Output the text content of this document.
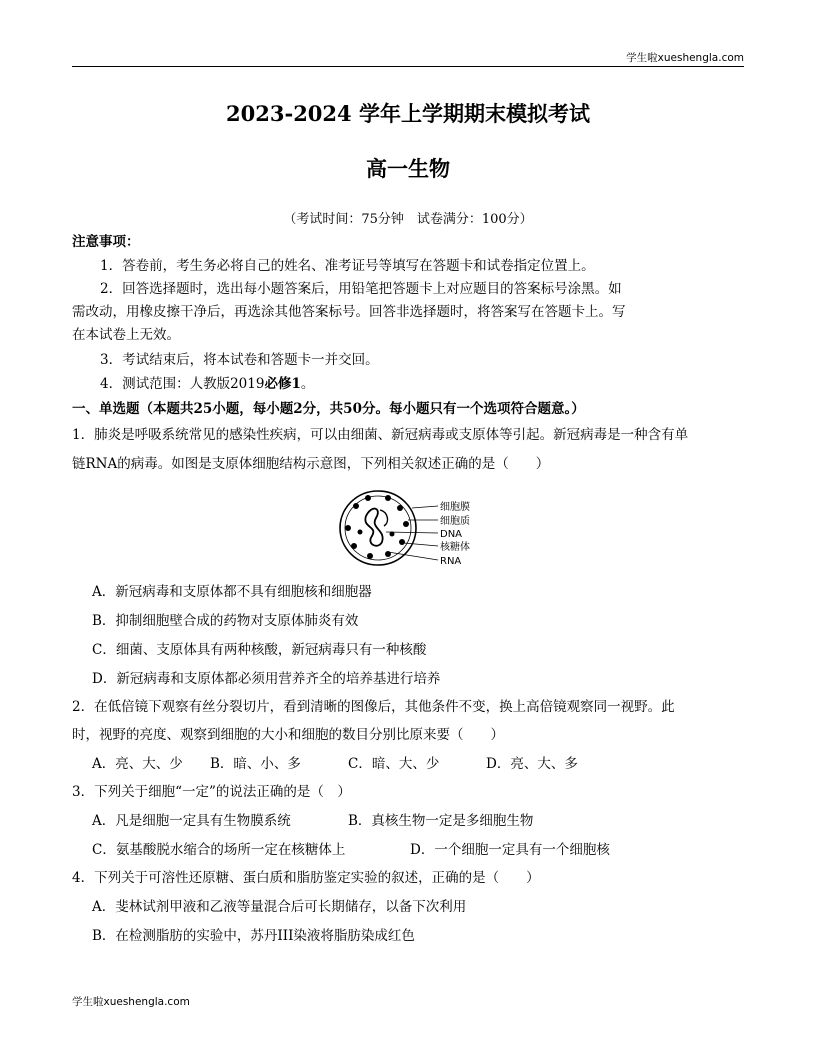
学生啦xueshengla.com
2023-2024 学年上学期期末模拟考试
高一生物
（考试时间：75分钟　试卷满分：100分）
注意事项：
1．答卷前，考生务必将自己的姓名、准考证号等填写在答题卡和试卷指定位置上。
2．回答选择题时，选出每小题答案后，用铅笔把答题卡上对应题目的答案标号涂黑。如
需改动，用橡皮擦干净后，再选涂其他答案标号。回答非选择题时，将答案写在答题卡上。写
在本试卷上无效。
3．考试结束后，将本试卷和答题卡一并交回。
4．测试范围：人教版2019必修1。
一、单选题（本题共25小题，每小题2分，共50分。每小题只有一个选项符合题意。）
1．肺炎是呼吸系统常见的感染性疾病，可以由细菌、新冠病毒或支原体等引起。新冠病毒是一种含有单
链RNA的病毒。如图是支原体细胞结构示意图，下列相关叙述正确的是（　　）
细胞膜
细胞质
DNA
核糖体
RNA
A．新冠病毒和支原体都不具有细胞核和细胞器
B．抑制细胞壁合成的药物对支原体肺炎有效
C．细菌、支原体具有两种核酸，新冠病毒只有一种核酸
D．新冠病毒和支原体都必须用营养齐全的培养基进行培养
2．在低倍镜下观察有丝分裂切片，看到清晰的图像后，其他条件不变，换上高倍镜观察同一视野。此
时，视野的亮度、观察到细胞的大小和细胞的数目分别比原来要（　　）
A．亮、大、少 B．暗、小、多	C．暗、大、少	D．亮、大、多
3．下列关于细胞“一定”的说法正确的是（　）
A．凡是细胞一定具有生物膜系统	B．真核生物一定是多细胞生物
C．氨基酸脱水缩合的场所一定在核糖体上	D．一个细胞一定具有一个细胞核
4．下列关于可溶性还原糖、蛋白质和脂肪鉴定实验的叙述，正确的是（　　）
A．斐林试剂甲液和乙液等量混合后可长期储存，以备下次利用
B．在检测脂肪的实验中，苏丹III染液将脂肪染成红色
学生啦xueshengla.com
